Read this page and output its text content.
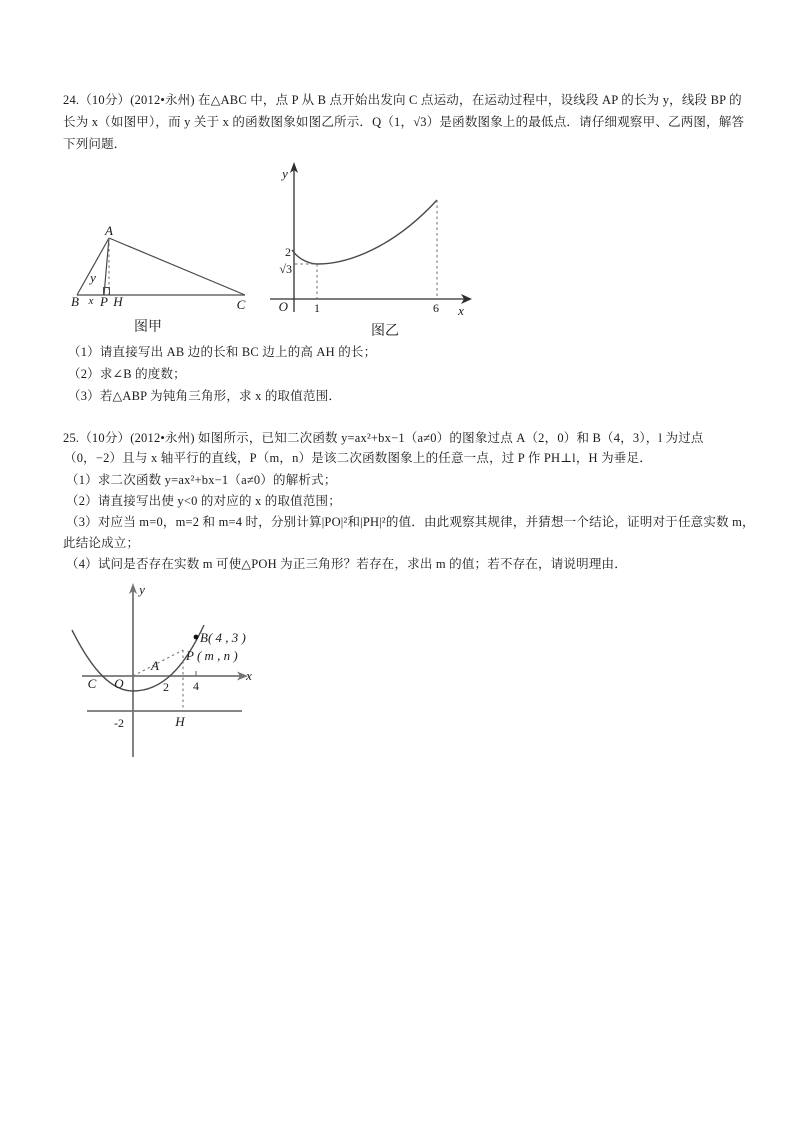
24.（10分）(2012•永州) 在△ABC 中，点 P 从 B 点开始出发向 C 点运动，在运动过程中，设线段 AP 的长为 y，线段 BP 的
长为 x（如图甲），而 y 关于 x 的函数图象如图乙所示．Q（1，√3）是函数图象上的最低点．请仔细观察甲、乙两图，解答
下列问题．
A
y
B x P H	C
图甲
y
2
√3
O 1	6 x
图乙
（1）请直接写出 AB 边的长和 BC 边上的高 AH 的长；
（2）求∠B 的度数；
（3）若△ABP 为钝角三角形，求 x 的取值范围．
25.（10分）(2012•永州) 如图所示，已知二次函数 y=ax²+bx−1（a≠0）的图象过点 A（2，0）和 B（4，3），l 为过点
（0，−2）且与 x 轴平行的直线，P（m，n）是该二次函数图象上的任意一点，过 P 作 PH⊥l，H 为垂足．
（1）求二次函数 y=ax²+bx−1（a≠0）的解析式；
（2）请直接写出使 y<0 的对应的 x 的取值范围；
（3）对应当 m=0，m=2 和 m=4 时，分别计算|PO|²和|PH|²的值．由此观察其规律，并猜想一个结论，证明对于任意实数 m，
此结论成立；
（4）试问是否存在实数 m 可使△POH 为正三角形？若存在，求出 m 的值；若不存在，请说明理由．
y
x
C O	2 4
B( 4 , 3 )
P ( m , n )
A
-2	H
